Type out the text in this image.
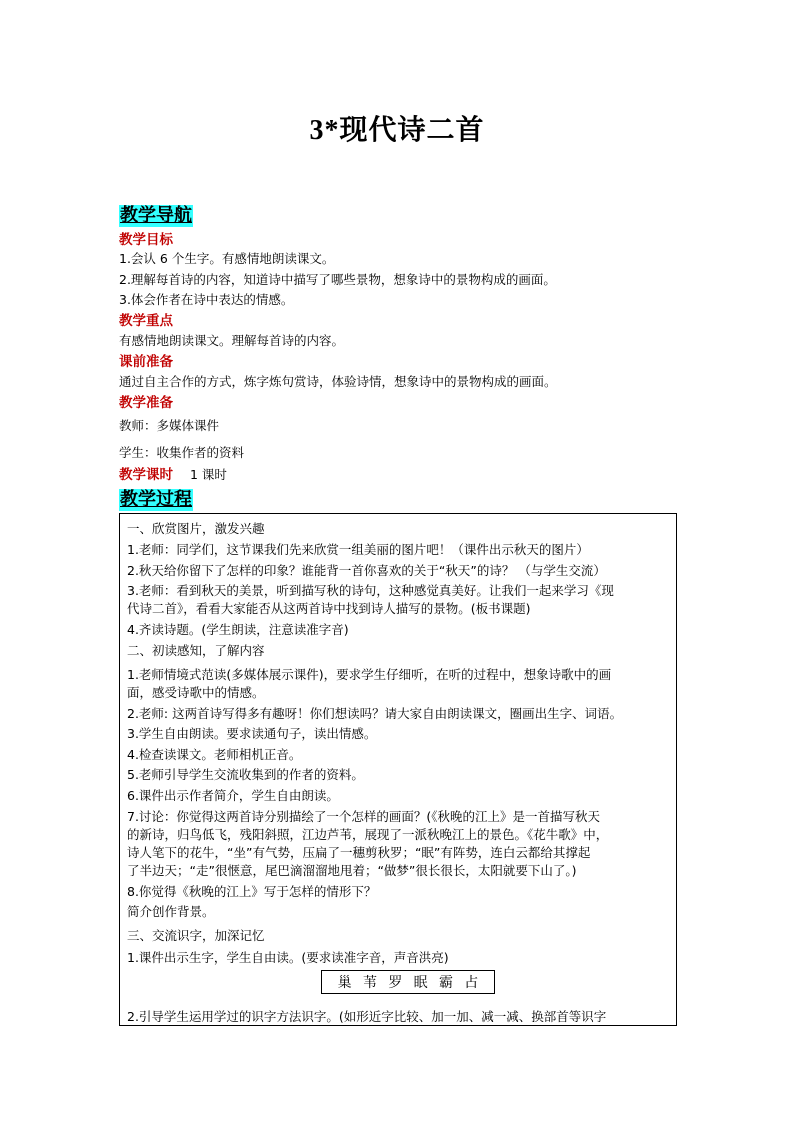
3*现代诗二首
教学导航
教学目标
1.会认 6 个生字。有感情地朗读课文。
2.理解每首诗的内容，知道诗中描写了哪些景物，想象诗中的景物构成的画面。
3.体会作者在诗中表达的情感。
教学重点
有感情地朗读课文。理解每首诗的内容。
课前准备
通过自主合作的方式，炼字炼句赏诗，体验诗情，想象诗中的景物构成的画面。
教学准备
教师：多媒体课件
学生：收集作者的资料
教学课时 1 课时
教学过程
一、欣赏图片，激发兴趣
1.老师：同学们，这节课我们先来欣赏一组美丽的图片吧！（课件出示秋天的图片）
2.秋天给你留下了怎样的印象？谁能背一首你喜欢的关于“秋天”的诗？ （与学生交流）
3.老师：看到秋天的美景，听到描写秋的诗句，这种感觉真美好。让我们一起来学习《现
代诗二首》，看看大家能否从这两首诗中找到诗人描写的景物。(板书课题)
4.齐读诗题。(学生朗读，注意读准字音)
二、初读感知，了解内容
1.老师情境式范读(多媒体展示课件)，要求学生仔细听，在听的过程中，想象诗歌中的画
面，感受诗歌中的情感。
2.老师: 这两首诗写得多有趣呀！你们想读吗？请大家自由朗读课文，圈画出生字、词语。
3.学生自由朗读。要求读通句子，读出情感。
4.检查读课文。老师相机正音。
5.老师引导学生交流收集到的作者的资料。
6.课件出示作者简介，学生自由朗读。
7.讨论：你觉得这两首诗分别描绘了一个怎样的画面？(《秋晚的江上》是一首描写秋天
的新诗，归鸟低飞，残阳斜照，江边芦苇，展现了一派秋晚江上的景色。《花牛歌》中，
诗人笔下的花牛，“坐”有气势，压扁了一穗剪秋罗；“眠”有阵势，连白云都给其撑起
了半边天；“走”很惬意，尾巴滴溜溜地甩着；“做梦”很长很长，太阳就要下山了。)
8.你觉得《秋晚的江上》写于怎样的情形下？
简介创作背景。
三、交流识字，加深记忆
1.课件出示生字，学生自由读。(要求读准字音，声音洪亮)
巢 苇 罗 眠 霸 占
2.引导学生运用学过的识字方法识字。(如形近字比较、加一加、减一减、换部首等识字
